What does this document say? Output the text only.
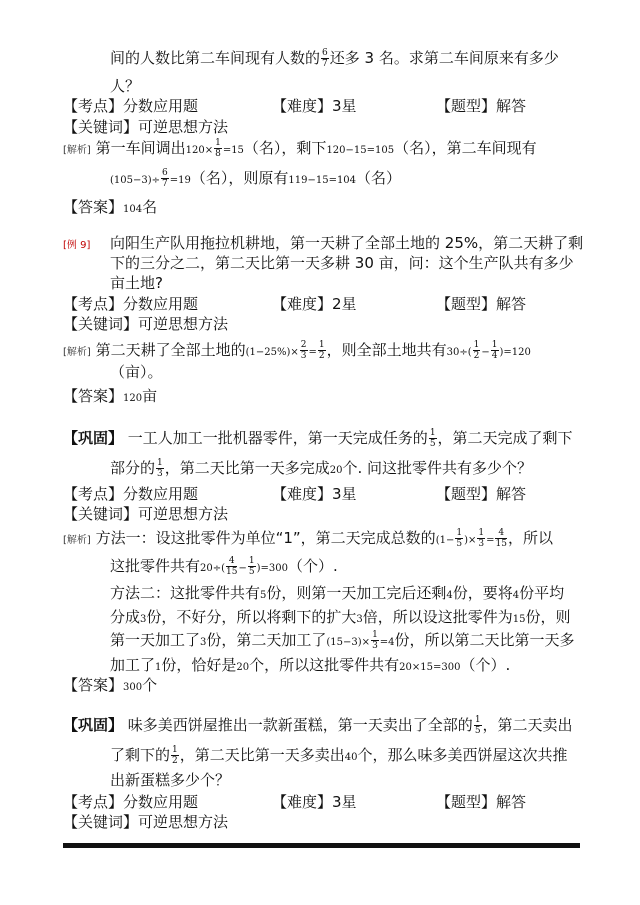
间的人数比第二车间现有人数的 $\frac{6}{7}$ 还多 3 名。求第二车间原来有多少
人？
【考点】分数应用题	【难度】3星	【题型】解答
【关键词】可逆思想方法
[解析] 第一车间调出$120\times \frac{1}{8} =15$（名），剩下120−15=105（名），第二车间现有
$(105-3)\div \frac{6}{7} =19$（名），则原有119−15=104（名）
【答案】104名
[例 9] 向阳生产队用拖拉机耕地，第一天耕了全部土地的 25%，第二天耕了剩
下的三分之二，第二天比第一天多耕 30 亩，问：这个生产队共有多少
亩土地?
【考点】分数应用题	【难度】2星	【题型】解答
【关键词】可逆思想方法
[解析] 第二天耕了全部土地的$(1-25\%)\times \frac{2}{3} = \frac{1}{2}$ ，则全部土地共有$30\div( \frac{1}{2} - \frac{1}{4} )=120$
（亩）。
【答案】120亩
【巩固】 一工人加工一批机器零件，第一天完成任务的 $\frac{1}{5}$ ，第二天完成了剩下
部分的 $\frac{1}{3}$ ，第二天比第一天多完成20个. 问这批零件共有多少个？
【考点】分数应用题	【难度】3星	【题型】解答
【关键词】可逆思想方法
[解析] 方法一：设这批零件为单位“1”，第二天完成总数的($1- \frac{1}{5}$ )× $\frac{1}{3} = \frac{4}{15}$ ，所以
这批零件共有$20\div( \frac{4}{15} - \frac{1}{5} )=300$（个）.
方法二：这批零件共有5份，则第一天加工完后还剩4份，要将4份平均
分成3份，不好分，所以将剩下的扩大3倍，所以设这批零件为15份，则
第一天加工了3份，第二天加工了$(15-3)\times \frac{1}{3} =4$份，所以第二天比第一天多
加工了1份，恰好是20个，所以这批零件共有20×15=300（个）.
【答案】300个
【巩固】 味多美西饼屋推出一款新蛋糕，第一天卖出了全部的 $\frac{1}{5}$ ，第二天卖出
了剩下的 $\frac{1}{2}$ ，第二天比第一天多卖出40个，那么味多美西饼屋这次共推
出新蛋糕多少个？
【考点】分数应用题	【难度】3星	【题型】解答
【关键词】可逆思想方法
